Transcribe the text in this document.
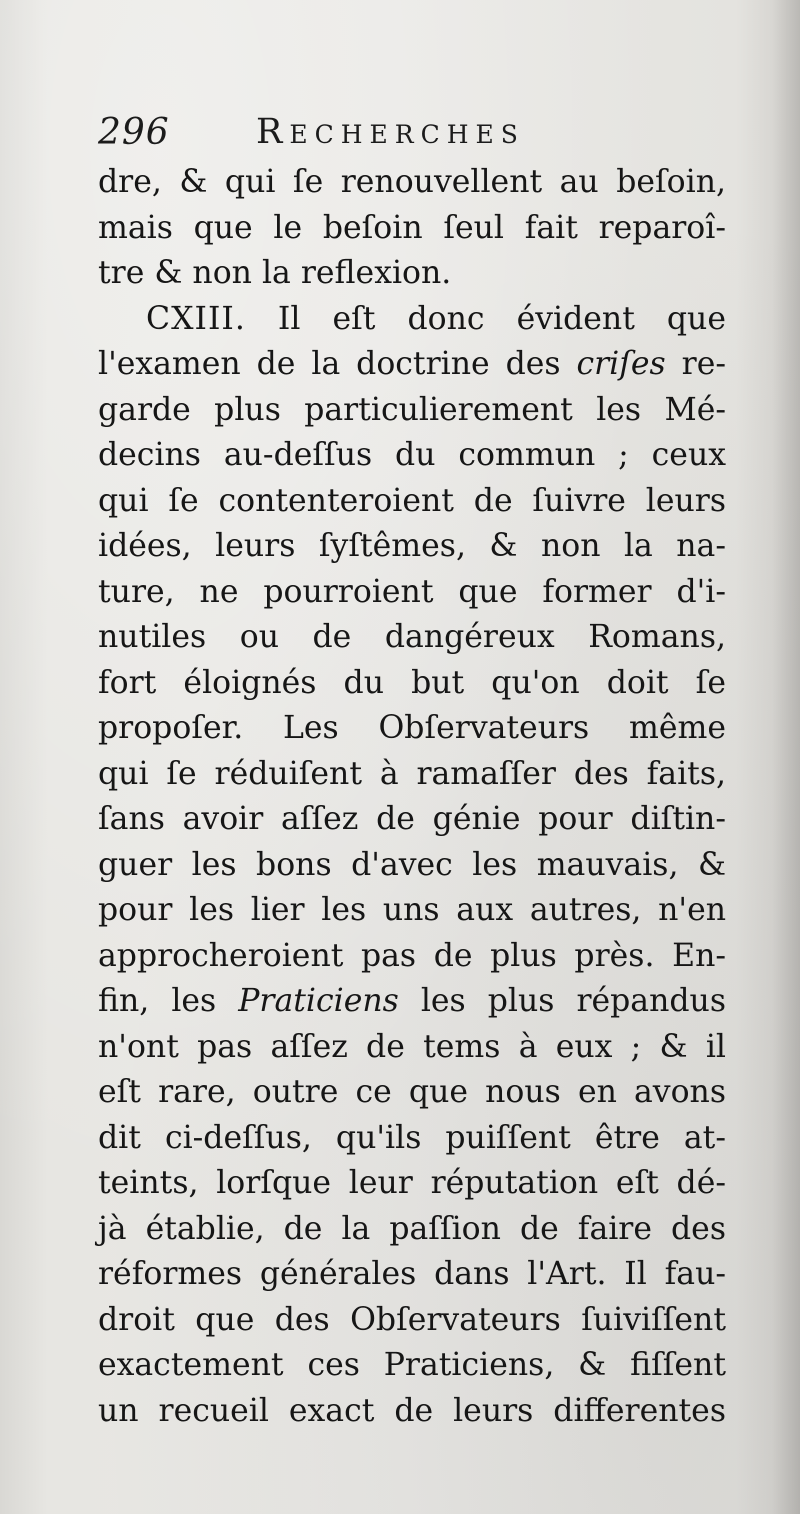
296 Recherches
dre, & qui ſe renouvellent au beſoin,
mais que le beſoin ſeul fait reparoî-
tre & non la reflexion.
CXIII. Il eſt donc évident que
l'examen de la doctrine des criſes re-
garde plus particulierement les Mé-
decins au-deſſus du commun ; ceux
qui ſe contenteroient de ſuivre leurs
idées, leurs ſyſtêmes, & non la na-
ture, ne pourroient que former d'i-
nutiles ou de dangéreux Romans,
fort éloignés du but qu'on doit ſe
propoſer. Les Obſervateurs même
qui ſe réduiſent à ramaſſer des faits,
ſans avoir aſſez de génie pour diſtin-
guer les bons d'avec les mauvais, &
pour les lier les uns aux autres, n'en
approcheroient pas de plus près. En-
fin, les Praticiens les plus répandus
n'ont pas aſſez de tems à eux ; & il
eſt rare, outre ce que nous en avons
dit ci-deſſus, qu'ils puiſſent être at-
teints, lorſque leur réputation eſt dé-
jà établie, de la paſſion de faire des
réformes générales dans l'Art. Il fau-
droit que des Obſervateurs ſuiviſſent
exactement ces Praticiens, & fiſſent
un recueil exact de leurs differentes
